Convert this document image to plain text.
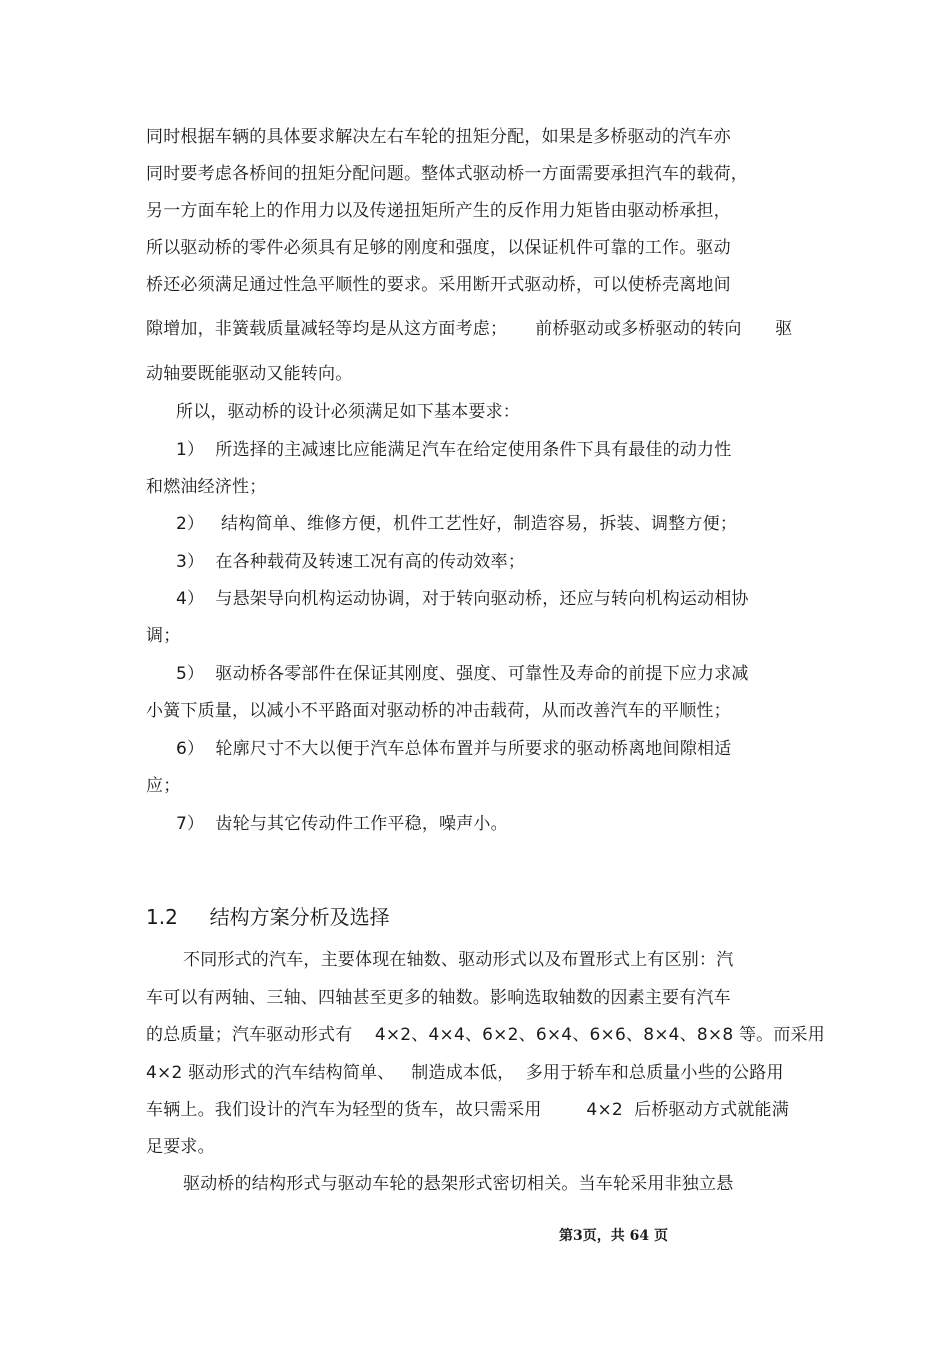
同时根据车辆的具体要求解决左右车轮的扭矩分配，如果是多桥驱动的汽车亦
同时要考虑各桥间的扭矩分配问题。整体式驱动桥一方面需要承担汽车的载荷，
另一方面车轮上的作用力以及传递扭矩所产生的反作用力矩皆由驱动桥承担，
所以驱动桥的零件必须具有足够的刚度和强度，以保证机件可靠的工作。驱动
桥还必须满足通过性急平顺性的要求。采用断开式驱动桥，可以使桥壳离地间
隙增加，非簧载质量减轻等均是从这方面考虑；     前桥驱动或多桥驱动的转向      驱
动轴要既能驱动又能转向。
所以，驱动桥的设计必须满足如下基本要求：
1）  所选择的主减速比应能满足汽车在给定使用条件下具有最佳的动力性
和燃油经济性；
2）   结构简单、维修方便，机件工艺性好，制造容易，拆装、调整方便；
3）  在各种载荷及转速工况有高的传动效率；
4）  与悬架导向机构运动协调，对于转向驱动桥，还应与转向机构运动相协
调；
5）  驱动桥各零部件在保证其刚度、强度、可靠性及寿命的前提下应力求减
小簧下质量，以减小不平路面对驱动桥的冲击载荷，从而改善汽车的平顺性；
6）  轮廓尺寸不大以便于汽车总体布置并与所要求的驱动桥离地间隙相适
应；
7）  齿轮与其它传动件工作平稳，噪声小。
1.2     结构方案分析及选择
不同形式的汽车，主要体现在轴数、驱动形式以及布置形式上有区别：汽
车可以有两轴、三轴、四轴甚至更多的轴数。影响选取轴数的因素主要有汽车
的总质量；汽车驱动形式有    4×2、4×4、6×2、6×4、6×6、8×4、8×8 等。而采用
4×2 驱动形式的汽车结构简单、   制造成本低，  多用于轿车和总质量小些的公路用
车辆上。我们设计的汽车为轻型的货车，故只需采用        4×2  后桥驱动方式就能满
足要求。
驱动桥的结构形式与驱动车轮的悬架形式密切相关。当车轮采用非独立悬
第3页，共 64 页
